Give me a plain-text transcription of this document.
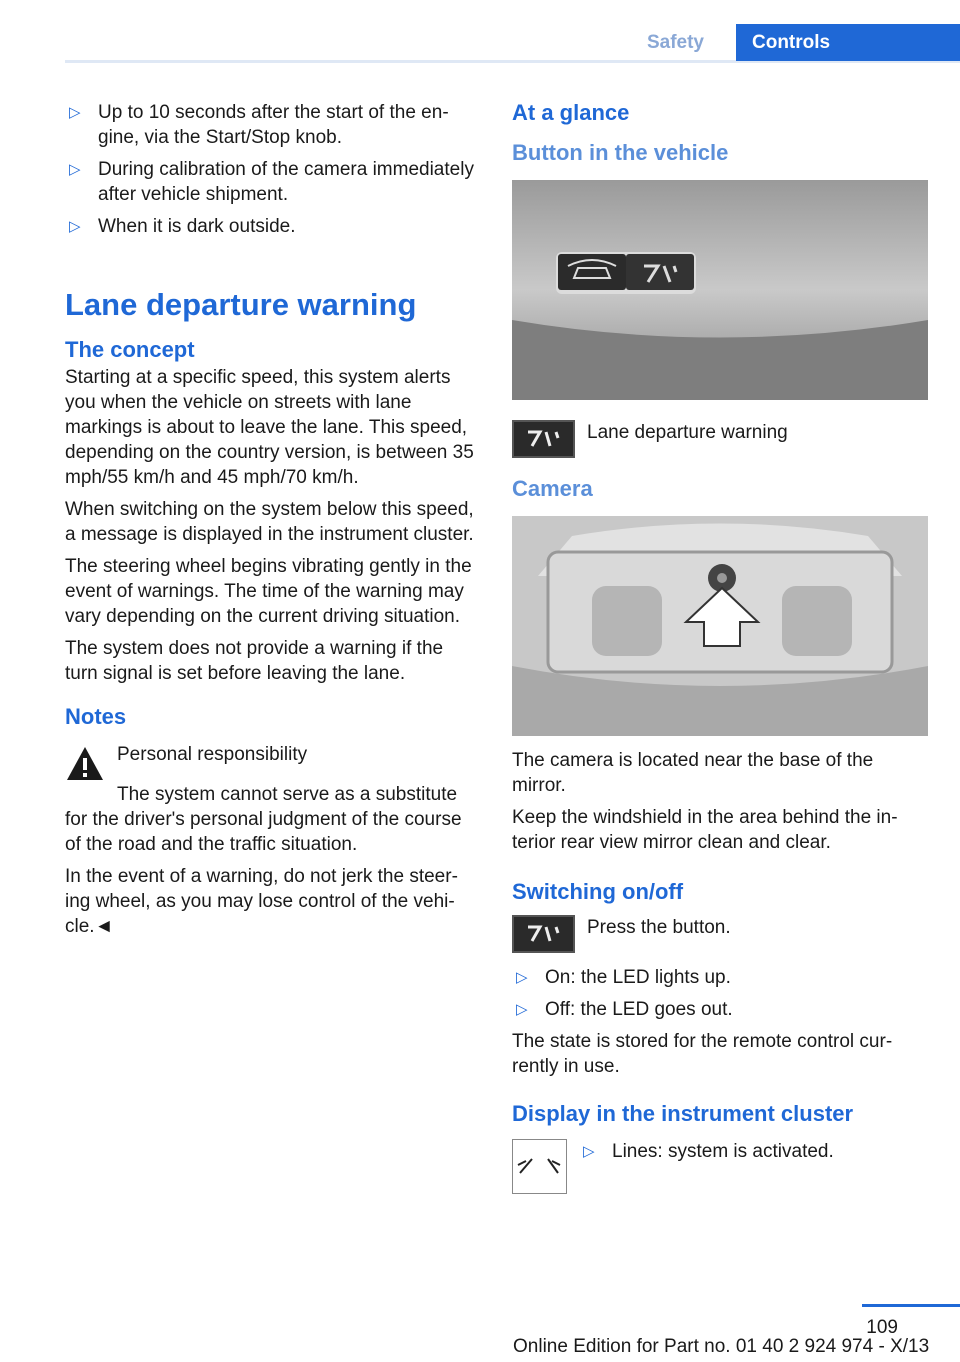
Safety	Controls
▷ Up to 10 seconds after the start of the engine, via the Start/Stop knob.
▷ During calibration of the camera immediately after vehicle shipment.
▷ When it is dark outside.
Lane departure warning
The concept
Starting at a specific speed, this system alerts you when the vehicle on streets with lane markings is about to leave the lane. This speed, depending on the country version, is between 35 mph/55 km/h and 45 mph/70 km/h.
When switching on the system below this speed, a message is displayed in the instrument cluster.
The steering wheel begins vibrating gently in the event of warnings. The time of the warning may vary depending on the current driving situation.
The system does not provide a warning if the turn signal is set before leaving the lane.
Notes
Personal responsibility
The system cannot serve as a substitute for the driver's personal judgment of the course of the road and the traffic situation.
In the event of a warning, do not jerk the steering wheel, as you may lose control of the vehicle.◄
At a glance
Button in the vehicle
Lane departure warning
Camera
The camera is located near the base of the mirror.
Keep the windshield in the area behind the interior rear view mirror clean and clear.
Switching on/off
Press the button.
▷ On: the LED lights up.
▷ Off: the LED goes out.
The state is stored for the remote control currently in use.
Display in the instrument cluster
▷ Lines: system is activated.
109
Online Edition for Part no. 01 40 2 924 974 - X/13
